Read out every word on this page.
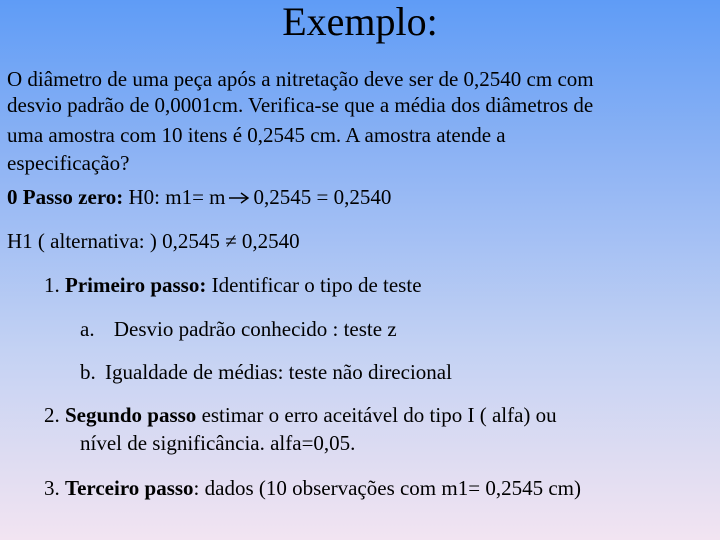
Exemplo:
O diâmetro de uma peça após a nitretação deve ser de 0,2540 cm com
desvio padrão de 0,0001cm. Verifica-se que a média dos diâmetros de
uma amostra com 10 itens é 0,2545 cm. A amostra atende a
especificação?
0 Passo zero: H0: m1= m 0,2545 = 0,2540
H1 ( alternativa: ) 0,2545 ≠ 0,2540
1. Primeiro passo: Identificar o tipo de teste
a. Desvio padrão conhecido : teste z
b. Igualdade de médias: teste não direcional
2. Segundo passo estimar o erro aceitável do tipo I ( alfa) ou
nível de significância. alfa=0,05.
3. Terceiro passo: dados (10 observações com m1= 0,2545 cm)
